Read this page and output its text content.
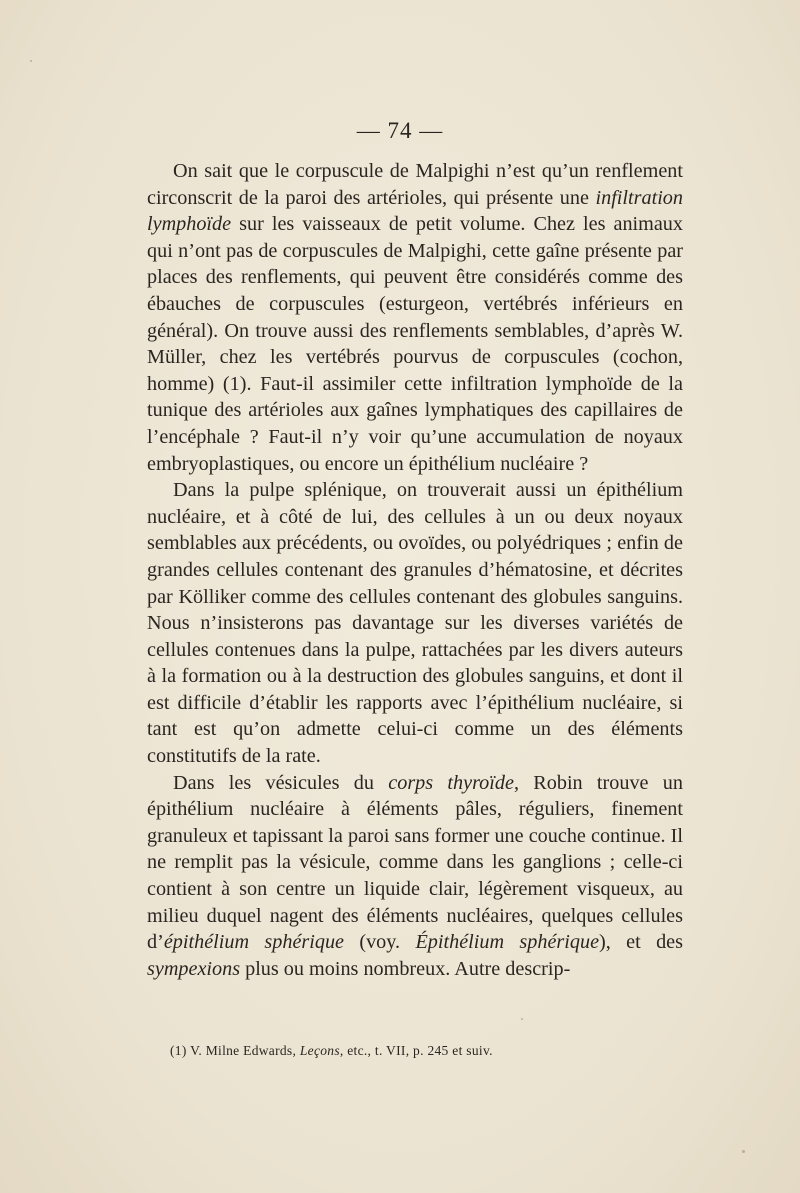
— 74 —

On sait que le corpuscule de Malpighi n’est qu’un renflement circonscrit de la paroi des artérioles, qui présente une infiltration lymphoïde sur les vaisseaux de petit volume. Chez les animaux qui n’ont pas de corpuscules de Malpighi, cette gaîne présente par places des renflements, qui peuvent être considérés comme des ébauches de corpuscules (esturgeon, vertébrés inférieurs en général). On trouve aussi des renflements semblables, d’après W. Müller, chez les vertébrés pourvus de corpuscules (cochon, homme) (1). Faut-il assimiler cette infiltration lymphoïde de la tunique des artérioles aux gaînes lymphatiques des capillaires de l’encéphale ? Faut-il n’y voir qu’une accumulation de noyaux embryoplastiques, ou encore un épithélium nucléaire ?

Dans la pulpe splénique, on trouverait aussi un épithélium nucléaire, et à côté de lui, des cellules à un ou deux noyaux semblables aux précédents, ou ovoïdes, ou polyédriques ; enfin de grandes cellules contenant des granules d’hématosine, et décrites par Kölliker comme des cellules contenant des globules sanguins. Nous n’insisterons pas davantage sur les diverses variétés de cellules contenues dans la pulpe, rattachées par les divers auteurs à la formation ou à la destruction des globules sanguins, et dont il est difficile d’établir les rapports avec l’épithélium nucléaire, si tant est qu’on admette celui-ci comme un des éléments constitutifs de la rate.

Dans les vésicules du corps thyroïde, Robin trouve un épithélium nucléaire à éléments pâles, réguliers, finement granuleux et tapissant la paroi sans former une couche continue. Il ne remplit pas la vésicule, comme dans les ganglions ; celle-ci contient à son centre un liquide clair, légèrement visqueux, au milieu duquel nagent des éléments nucléaires, quelques cellules d’épithélium sphérique (voy. Épithélium sphérique), et des sympexions plus ou moins nombreux. Autre descrip-

(1) V. Milne Edwards, Leçons, etc., t. VII, p. 245 et suiv.
